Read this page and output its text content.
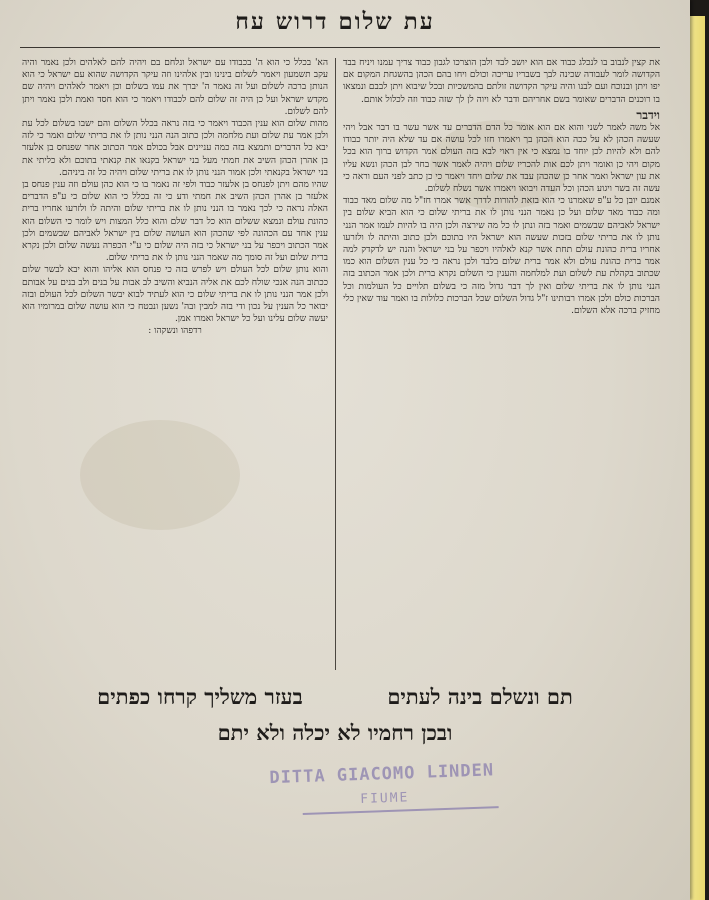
עת שלום דרוש עח

את קצין לנבוב בו לנכלג כבוד אם הוא יושב לבד ולבן הוצרכו לגבון כבוד צריך עמנו ויניח בבד הקדושה לומר לעבודה שכינה לבך בשבריו עריכה וכולם ויחו בהם הכהן בהשגחת המקום אם יפו ויתן ובנוכח ועם לבנו והיה עיקר הקדושה זולתם בהמשכיות ובכל שיבוא ויתן לבבם ונמצאו בו רוכנים הדברים שאומר בשם אחריהם ודבר לא ויוה לן לך שזה כבוד וזה לכלול אותם.

וידבר

אל משה לאמר לשני והוא אם הוא אומר כל הדם הדברים עד אשר עשר בו דבר אבל ויהי שעשה הכהן לא על ככה הוא הכהן בך ויאמרו חזו לכל עושה אם עד שלא היה יותר כבודו להם ולא להיות לכן יוחד בו נמצא כי אין ראוי לבא בזה העולם אמר הקדוש ברוך הוא בכל מקום ויהי כן ואומר ויתן לכם אות להכריז שלום ויהיה לאמר אשר בחר לבן הכהן ונשא עליו את עון ישראל ואמר אחר כן שהכהן עבד את שלום ויחד ויאמר כי כן כתב לפני העם וראה כי עשה זה בשר ויגוע הכהן וכל העדה ויבואו ויאמרו אשר נשלח לשלום.

אמנם יובן כל ע"פ שאמרנו כי הוא בזאת להורות לדרך אשר אמרו חז"ל מה שלום מאד כבוד ומה כבוד מאד שלום ועל כן נאמר הנני נותן לו את בריתי שלום כי הוא הביא שלום בין ישראל לאביהם שבשמים ואמר בזה ונתן לו כל מה שירצה ולכן היה בו להיות לעמו אמר הנני נותן לו את בריתי שלום בזכות שעשה הוא ישראל היו בתוכם ולכן כתוב והיתה לו ולזרעו אחריו ברית כהונת עולם תחת אשר קנא לאלהיו ויכפר על בני ישראל והנה יש לדקדק למה אמר ברית כהונת עולם ולא אמר ברית שלום בלבד ולכן נראה כי כל ענין השלום הוא כמו שכתוב בקהלת עת לשלום ועת למלחמה והענין כי השלום נקרא ברית ולכן אמר הכתוב בזה הנני נותן לו את בריתי שלום ואין לך דבר גדול מזה כי בשלום תלויים כל העולמות וכל הברכות כולם ולכן אמרו רבותינו ז"ל גדול השלום שכל הברכות כלולות בו ואמר עוד שאין כלי מחזיק ברכה אלא השלום.

הא' בכלל כי הוא ה' בכבודו עם ישראל ונלחם בם ויהיה להם לאלהים ולכן נאמר והיה עקב תשמעון ויאמר לשלום בינינו ובין אלהינו וזה עיקר הקדושה שהוא עם ישראל כי הוא הנותן ברכה לשלום ועל זה נאמר ה' יברך את עמו בשלום וכן ויאמר לאלהים ויהיה שם מקדש ישראל ועל כן היה זה שלום להם לכבודו ויאמר כי הוא חסד ואמת ולכן נאמר ויתן להם לשלום.

מהות שלום הוא ענין הכבוד ויאמר כי בזה נראה בכלל השלום והם ישבו בשלום לכל עת ולכן אמר עת שלום ועת מלחמה ולכן כתוב הנה הנני נותן לו את בריתי שלום ואמר כי לזה יבא כל הדברים ותמצא בזה כמה עניינים אבל בכולם אמר הכתוב אחר שפנחס בן אלעזר בן אהרן הכהן השיב את חמתי מעל בני ישראל בקנאו את קנאתי בתוכם ולא כליתי את בני ישראל בקנאתי ולכן אמור הנני נותן לו את בריתי שלום ויהיה כל זה ביניהם.

שהיו מהם ויתן לפנחס בן אלעזר כבוד ולפי זה נאמר בו כי הוא כהן עולם וזה ענין פנחס בן אלעזר בן אהרן הכהן השיב את חמתי ודע כי זה בכלל כי הוא שלום כי ע"פ הדברים האלה נראה כי לכך נאמר בו הנני נותן לו את בריתי שלום והיתה לו ולזרעו אחריו ברית כהונת עולם ונמצא ששלום הוא כל דבר שלם והוא כלל המצות ויש לומר כי השלום הוא ענין אחד עם הכהונה לפי שהכהן הוא העושה שלום בין ישראל לאביהם שבשמים ולכן אמר הכתוב ויכפר על בני ישראל כי בזה היה שלום כי ע"י הכפרה נעשה שלום ולכן נקרא ברית שלום ועל זה סומך מה שאמר הנני נותן לו את בריתי שלום.

והוא נותן שלום לכל העולם ויש לפרש בזה כי פנחס הוא אליהו והוא יבא לבשר שלום ככתוב הנה אנכי שולח לכם את אליה הנביא והשיב לב אבות על בנים ולב בנים על אבותם ולכן אמר הנני נותן לו את בריתי שלום כי הוא לעתיד לבוא יבשר השלום לכל העולם ובזה יבואר כל הענין על נכון ודי בזה למבין ובה' נשען ונבטח כי הוא עושה שלום במרומיו הוא יעשה שלום עלינו ועל כל ישראל ואמרו אמן.

רדפהו ונשקהו :

תם ונשלם בינה לעתים  בעזר משליך קרחו כפתים
ובכן רחמיו לא יכלה ולא יתם
DITTA GIACOMO LINDEN
FIUME
